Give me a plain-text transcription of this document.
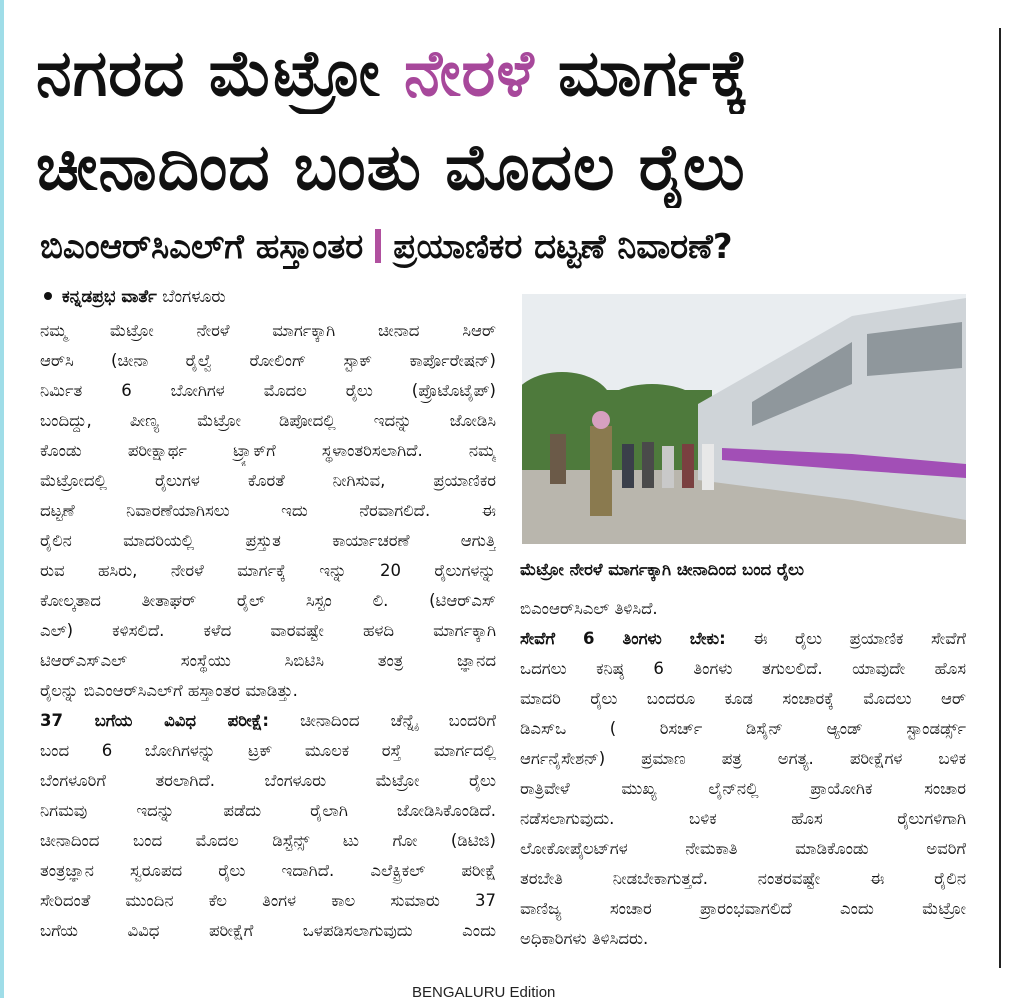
ನಗರದ ಮೆಟ್ರೋ ನೇರಳೆ ಮಾರ್ಗಕ್ಕೆ
ಚೀನಾದಿಂದ ಬಂತು ಮೊದಲ ರೈಲು
ಬಿಎಂಆರ್‌ಸಿಎಲ್‌ಗೆ ಹಸ್ತಾಂತರ ಪ್ರಯಾಣಿಕರ ದಟ್ಟಣೆ ನಿವಾರಣೆ?
ಕನ್ನಡಪ್ರಭ ವಾರ್ತೆ ಬೆಂಗಳೂರು
ನಮ್ಮ ಮೆಟ್ರೋ ನೇರಳೆ ಮಾರ್ಗಕ್ಕಾಗಿ ಚೀನಾದ ಸಿಆರ್
ಆರ್‌ಸಿ (ಚೀನಾ ರೈಲ್ವೆ ರೋಲಿಂಗ್ ಸ್ಟಾಕ್ ಕಾರ್ಪೊರೇಷನ್)
ನಿರ್ಮಿತ 6 ಬೋಗಿಗಳ ಮೊದಲ ರೈಲು (ಪ್ರೊಟೊಟೈಪ್)
ಬಂದಿದ್ದು, ಪೀಣ್ಯ ಮೆಟ್ರೋ ಡಿಪೋದಲ್ಲಿ ಇದನ್ನು ಜೋಡಿಸಿ
ಕೊಂಡು ಪರೀಕ್ಷಾರ್ಥ ಟ್ರ್ಯಾಕ್‌ಗೆ ಸ್ಥಳಾಂತರಿಸಲಾಗಿದೆ. ನಮ್ಮ
ಮೆಟ್ರೋದಲ್ಲಿ ರೈಲುಗಳ ಕೊರತೆ ನೀಗಿಸುವ, ಪ್ರಯಾಣಿಕರ
ದಟ್ಟಣೆ ನಿವಾರಣೆಯಾಗಿಸಲು ಇದು ನೆರವಾಗಲಿದೆ. ಈ
ರೈಲಿನ ಮಾದರಿಯಲ್ಲಿ ಪ್ರಸ್ತುತ ಕಾರ್ಯಾಚರಣೆ ಆಗುತ್ತಿ
ರುವ ಹಸಿರು, ನೇರಳೆ ಮಾರ್ಗಕ್ಕೆ ಇನ್ನು 20 ರೈಲುಗಳನ್ನು
ಕೋಲ್ಕತಾದ ತೀತಾಘರ್ ರೈಲ್ ಸಿಸ್ಟಂ ಲಿ. (ಟಿಆರ್‌ಎಸ್
ಎಲ್) ಕಳಿಸಲಿದೆ. ಕಳೆದ ವಾರವಷ್ಟೇ ಹಳದಿ ಮಾರ್ಗಕ್ಕಾಗಿ
ಟಿಆರ್‌ಎಸ್‌ಎಲ್ ಸಂಸ್ಥೆಯು ಸಿಬಿಟಿಸಿ ತಂತ್ರ ಜ್ಞಾನದ
ರೈಲನ್ನು ಬಿಎಂಆರ್‌ಸಿಎಲ್‌ಗೆ ಹಸ್ತಾಂತರ ಮಾಡಿತ್ತು.
37 ಬಗೆಯ ವಿವಿಧ ಪರೀಕ್ಷೆ: ಚೀನಾದಿಂದ ಚೆನ್ನೈ ಬಂದರಿಗೆ
ಬಂದ 6 ಬೋಗಿಗಳನ್ನು ಟ್ರಕ್ ಮೂಲಕ ರಸ್ತೆ ಮಾರ್ಗದಲ್ಲಿ
ಬೆಂಗಳೂರಿಗೆ ತರಲಾಗಿದೆ. ಬೆಂಗಳೂರು ಮೆಟ್ರೋ ರೈಲು
ನಿಗಮವು ಇದನ್ನು ಪಡೆದು ರೈಲಾಗಿ ಜೋಡಿಸಿಕೊಂಡಿದೆ.
ಚೀನಾದಿಂದ ಬಂದ ಮೊದಲ ಡಿಸ್ಟೆನ್ಸ್ ಟು ಗೋ (ಡಿಟಿಜಿ)
ತಂತ್ರಜ್ಞಾನ ಸ್ವರೂಪದ ರೈಲು ಇದಾಗಿದೆ. ಎಲೆಕ್ಟ್ರಿಕಲ್ ಪರೀಕ್ಷೆ
ಸೇರಿದಂತೆ ಮುಂದಿನ ಕೆಲ ತಿಂಗಳ ಕಾಲ ಸುಮಾರು 37
ಬಗೆಯ ವಿವಿಧ ಪರೀಕ್ಷೆಗೆ ಒಳಪಡಿಸಲಾಗುವುದು ಎಂದು
ಮೆಟ್ರೋ ನೇರಳೆ ಮಾರ್ಗಕ್ಕಾಗಿ ಚೀನಾದಿಂದ ಬಂದ ರೈಲು
ಬಿಎಂಆರ್‌ಸಿಎಲ್ ತಿಳಿಸಿದೆ.
ಸೇವೆಗೆ 6 ತಿಂಗಳು ಬೇಕು: ಈ ರೈಲು ಪ್ರಯಾಣಿಕ ಸೇವೆಗೆ
ಒದಗಲು ಕನಿಷ್ಠ 6 ತಿಂಗಳು ತಗುಲಲಿದೆ. ಯಾವುದೇ ಹೊಸ
ಮಾದರಿ ರೈಲು ಬಂದರೂ ಕೂಡ ಸಂಚಾರಕ್ಕೆ ಮೊದಲು ಆರ್
ಡಿಎಸ್‌ಒ ( ರಿಸರ್ಚ್ ಡಿಸೈನ್ ಆ್ಯಂಡ್ ಸ್ಟಾಂಡರ್ಡ್ಸ್
ಆರ್ಗನೈಸೇಶನ್) ಪ್ರಮಾಣ ಪತ್ರ ಅಗತ್ಯ. ಪರೀಕ್ಷೆಗಳ ಬಳಿಕ
ರಾತ್ರಿವೇಳೆ ಮುಖ್ಯ ಲೈನ್‌ನಲ್ಲಿ ಪ್ರಾಯೋಗಿಕ ಸಂಚಾರ
ನಡೆಸಲಾಗುವುದು. ಬಳಿಕ ಹೊಸ ರೈಲುಗಳಿಗಾಗಿ
ಲೋಕೋಪೈಲಟ್‌ಗಳ ನೇಮಕಾತಿ ಮಾಡಿಕೊಂಡು ಅವರಿಗೆ
ತರಬೇತಿ ನೀಡಬೇಕಾಗುತ್ತದೆ. ನಂತರವಷ್ಟೇ ಈ ರೈಲಿನ
ವಾಣಿಜ್ಯ ಸಂಚಾರ ಪ್ರಾರಂಭವಾಗಲಿದೆ ಎಂದು ಮೆಟ್ರೋ
ಅಧಿಕಾರಿಗಳು ತಿಳಿಸಿದರು.
BENGALURU Edition
